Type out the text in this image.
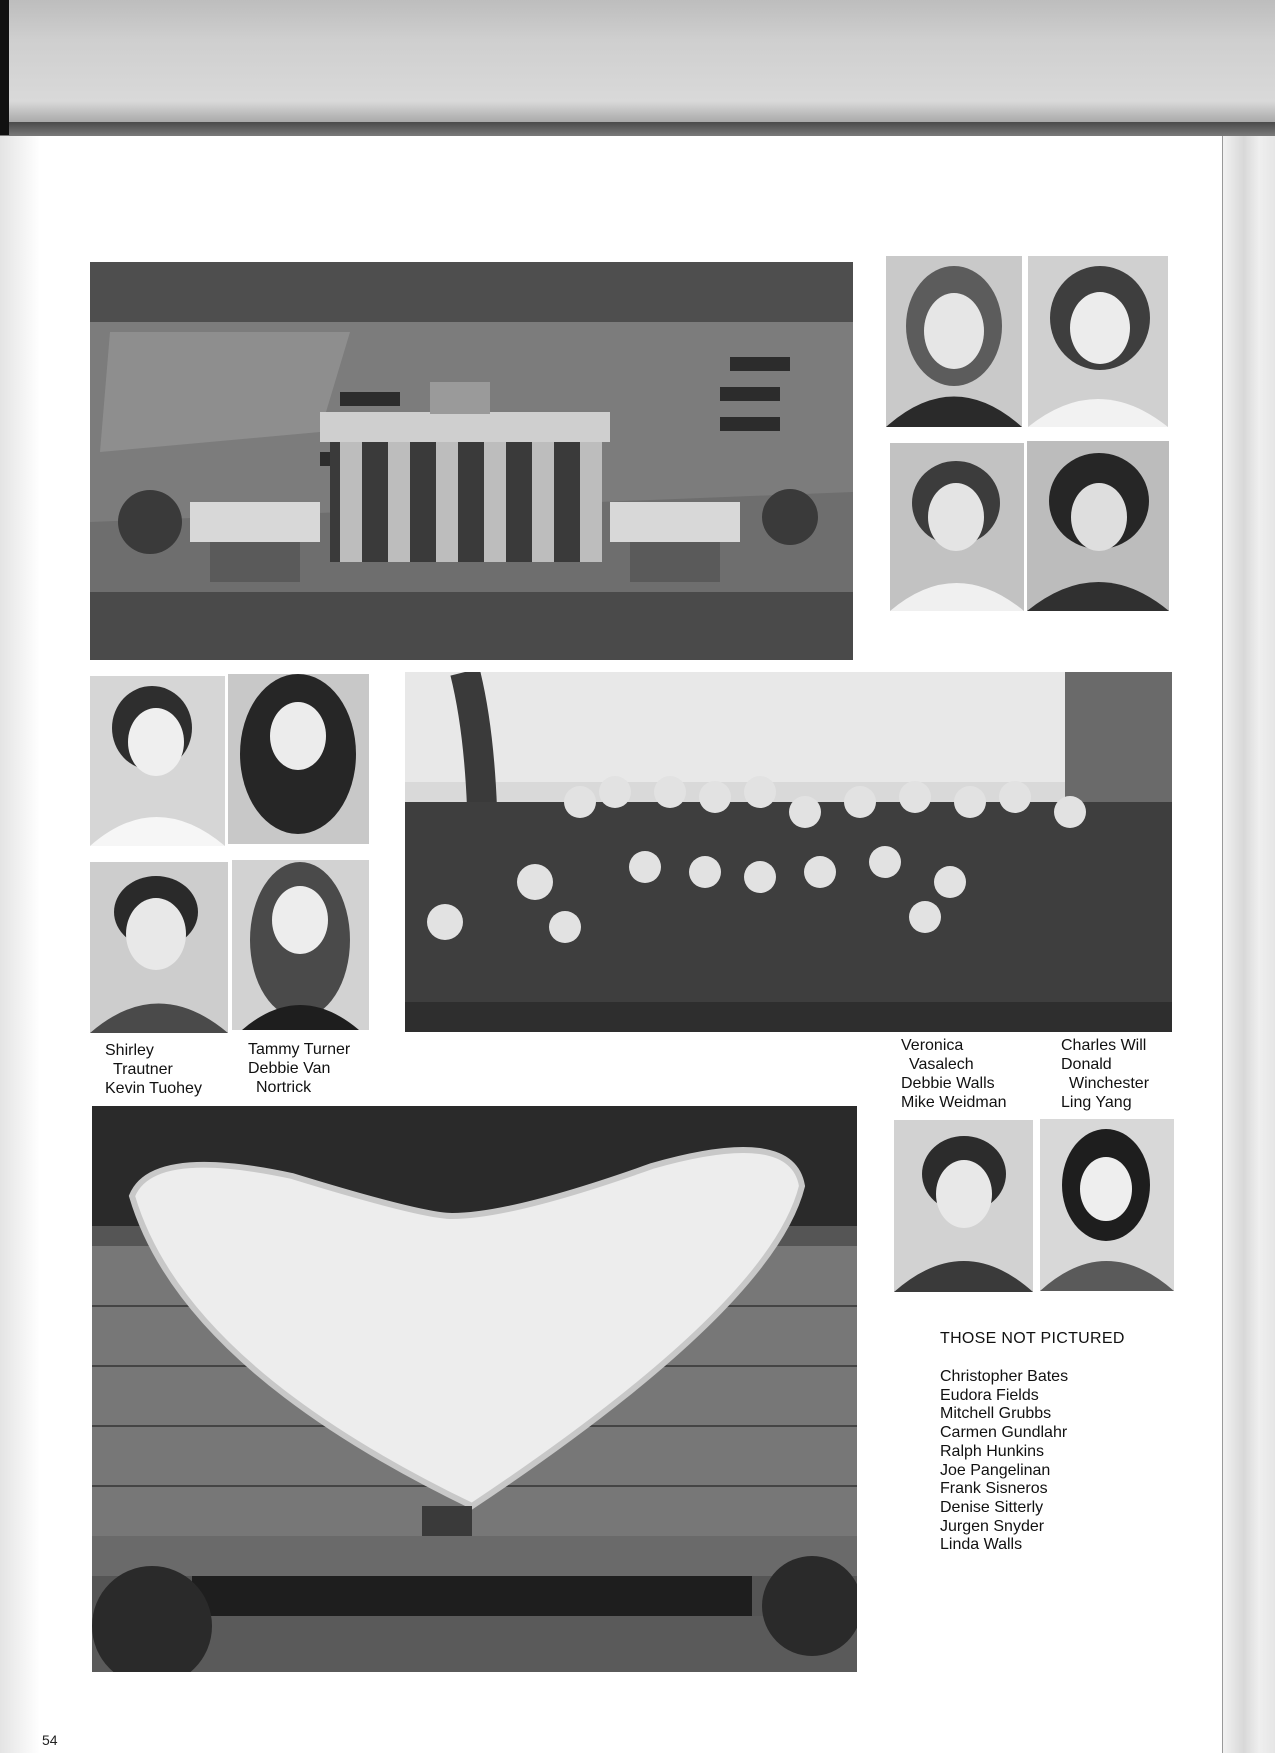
Shirley
Trautner
Kevin Tuohey
Tammy Turner
Debbie Van
Nortrick
Veronica
Vasalech
Debbie Walls
Mike Weidman
Charles Will
Donald
Winchester
Ling Yang
THOSE NOT PICTURED
Christopher Bates
Eudora Fields
Mitchell Grubbs
Carmen Gundlahr
Ralph Hunkins
Joe Pangelinan
Frank Sisneros
Denise Sitterly
Jurgen Snyder
Linda Walls
54
